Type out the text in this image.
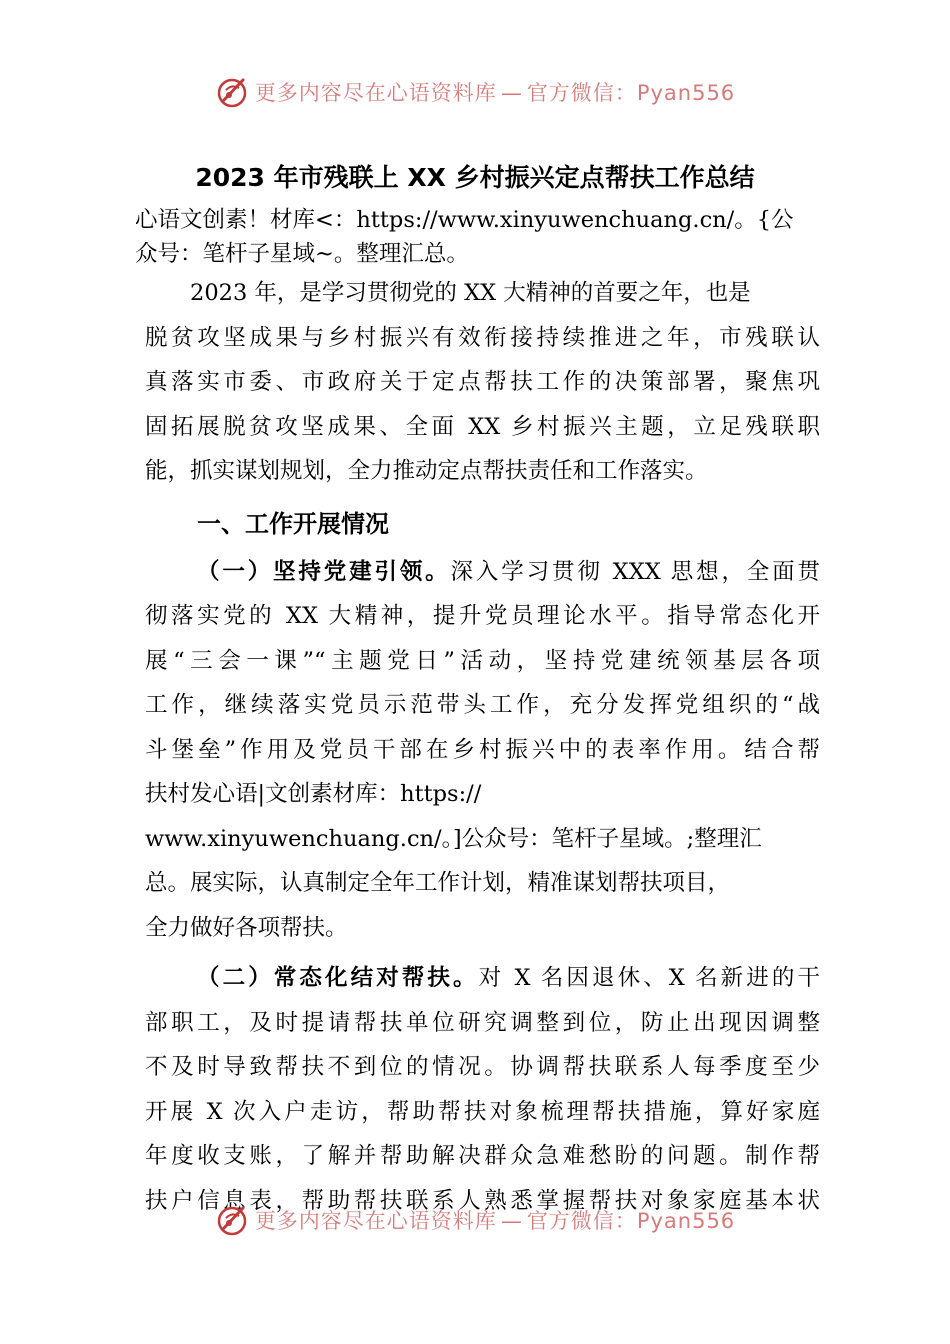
更多内容尽在心语资料库 — 官方微信：Pyan556
2023 年市残联上 XX 乡村振兴定点帮扶工作总结
心语文创素！材库<：https://www.xinyuwenchuang.cn/。{公
众号：笔杆子星域~。整理汇总。
　　2023 年，是学习贯彻党的 XX 大精神的首要之年，也是
脱贫攻坚成果与乡村振兴有效衔接持续推进之年，市残联认
真落实市委、市政府关于定点帮扶工作的决策部署，聚焦巩
固拓展脱贫攻坚成果、全面 XX 乡村振兴主题，立足残联职
能，抓实谋划规划，全力推动定点帮扶责任和工作落实。
一、工作开展情况
（一）坚持党建引领。深入学习贯彻 XXX 思想，全面贯
彻落实党的 XX 大精神，提升党员理论水平。指导常态化开
展“三会一课”“主题党日”活动，坚持党建统领基层各项
工作，继续落实党员示范带头工作，充分发挥党组织的“战
斗堡垒”作用及党员干部在乡村振兴中的表率作用。结合帮
扶村发心语|文创素材库：https://
www.xinyuwenchuang.cn/。]公众号：笔杆子星域。;整理汇
总。展实际，认真制定全年工作计划，精准谋划帮扶项目，
全力做好各项帮扶。
（二）常态化结对帮扶。对 X 名因退休、X 名新进的干
部职工，及时提请帮扶单位研究调整到位，防止出现因调整
不及时导致帮扶不到位的情况。协调帮扶联系人每季度至少
开展 X 次入户走访，帮助帮扶对象梳理帮扶措施，算好家庭
年度收支账，了解并帮助解决群众急难愁盼的问题。制作帮
扶户信息表，帮助帮扶联系人熟悉掌握帮扶对象家庭基本状
更多内容尽在心语资料库 — 官方微信：Pyan556
